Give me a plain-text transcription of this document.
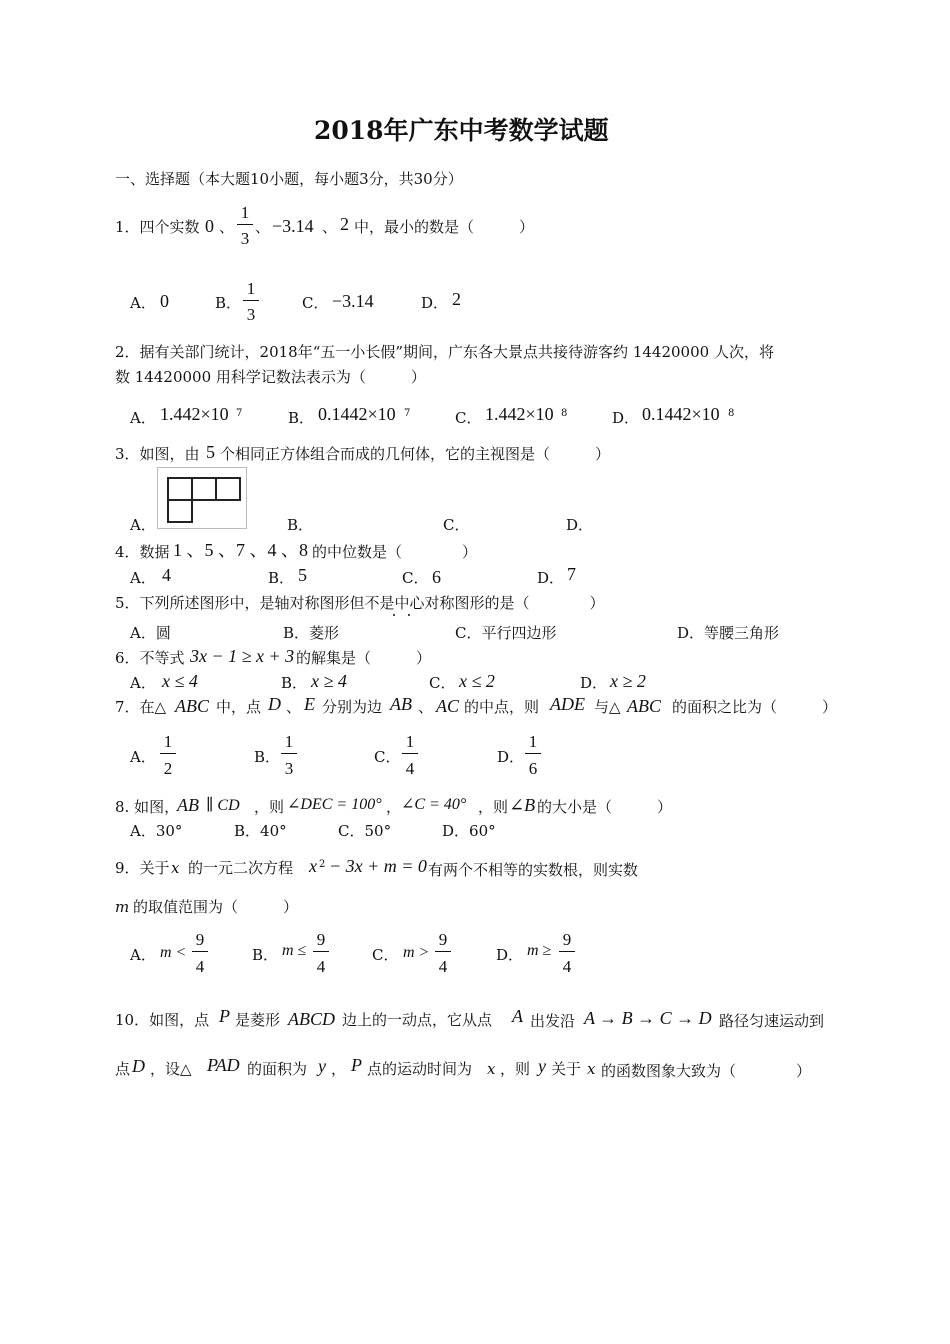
2018年广东中考数学试题
一、选择题（本大题10小题，每小题3分，共30分）
1．四个实数 0 、
1
3
、 −3.14 、 2 中，最小的数是（　　　）
A． 0	B．
1
3
C． −3.14	D． 2
2．据有关部门统计，2018年“五一小长假”期间，广东各大景点共接待游客约 14420000 人次，将
数 14420000 用科学记数法表示为（　　　）
A． 1.442×10 7	B． 0.1442×10 7	C． 1.442×10 8	D． 0.1442×10 8
3．如图，由 5 个相同正方体组合而成的几何体，它的主视图是（　　　）
A．	B．	C．	D．
4．数据 1 、5 、7 、4 、8 的中位数是（　　　　）
A． 4	B． 5	C． 6	D． 7
5．下列所述图形中，是轴对称图形但不是中心对称图形的是（　　　　）
A．圆	B．菱形	C．平行四边形	D．等腰三角形
6．不等式 3x − 1 ≥ x + 3 的解集是（　　　）
A． x ≤ 4	B． x ≥ 4	C． x ≤ 2	D． x ≥ 2
7．在△ ABC 中，点 D 、 E 分别为边 AB 、 AC 的中点，则 ADE 与△ ABC 的面积之比为（　　　）
A．
1
2
B．
1
3
C．
1
4
D．
1
6
8. 如图，
AB ∥ CD ，则 ∠DEC = 100° ， ∠C = 40° ，则 ∠B 的大小是（　　　）
A．30°	B．40°	C．50°	D．60°
9．关于 x 的一元二次方程 x 2 − 3x + m = 0 有两个不相等的实数根，则实数
m 的取值范围为（　　　）
A． m <
9
4
B． m ≤
9
4
C． m >
9
4
D． m ≥
9
4
10．如图，点 P 是菱形 ABCD 边上的一动点，它从点 A 出发沿 A → B → C → D 路径匀速运动到
点 D ，设△ PAD 的面积为 y ， P 点的运动时间为 x ，则 y 关于 x 的函数图象大致为（　　　　）
